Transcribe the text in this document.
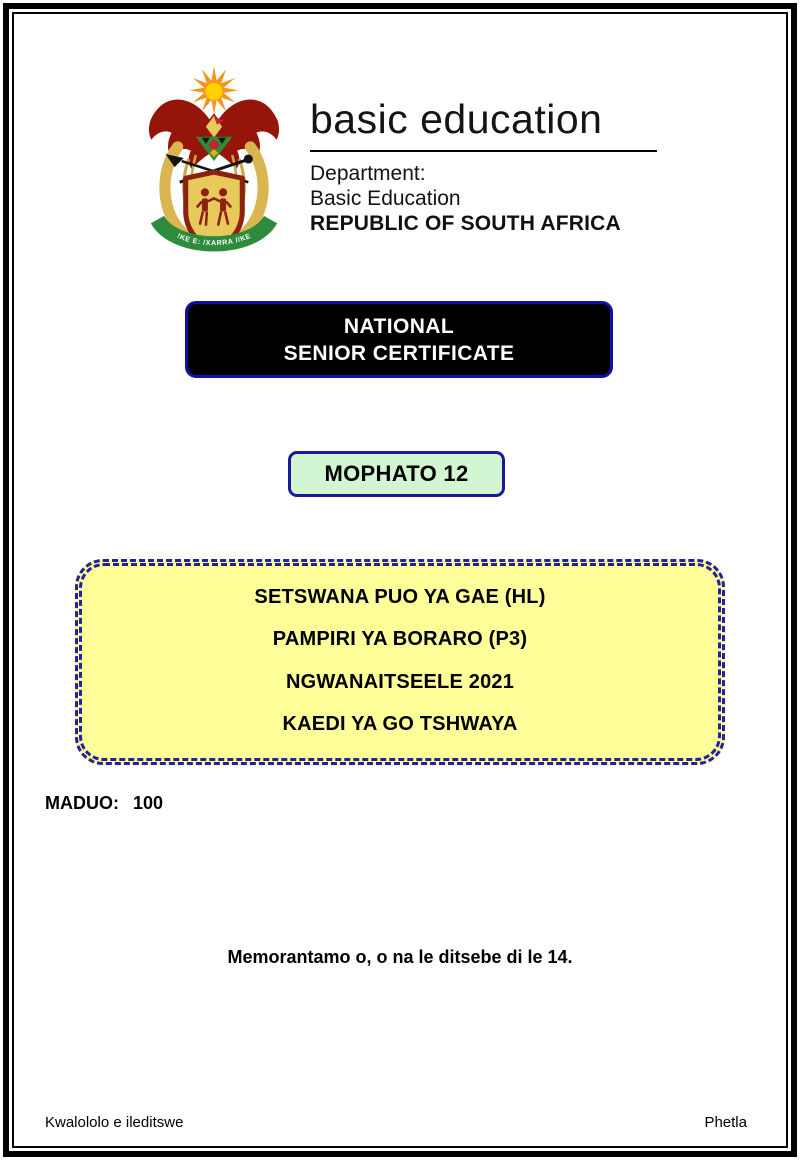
!KE E: /XARRA //KE
basic education
Department:
Basic Education
REPUBLIC OF SOUTH AFRICA
NATIONAL
SENIOR CERTIFICATE
MOPHATO 12
SETSWANA PUO YA GAE (HL)
PAMPIRI YA BORARO (P3)
NGWANAITSEELE 2021
KAEDI YA GO TSHWAYA
MADUO: 100
Memorantamo o, o na le ditsebe di le 14.
Kwalololo e ileditswe	Phetla
